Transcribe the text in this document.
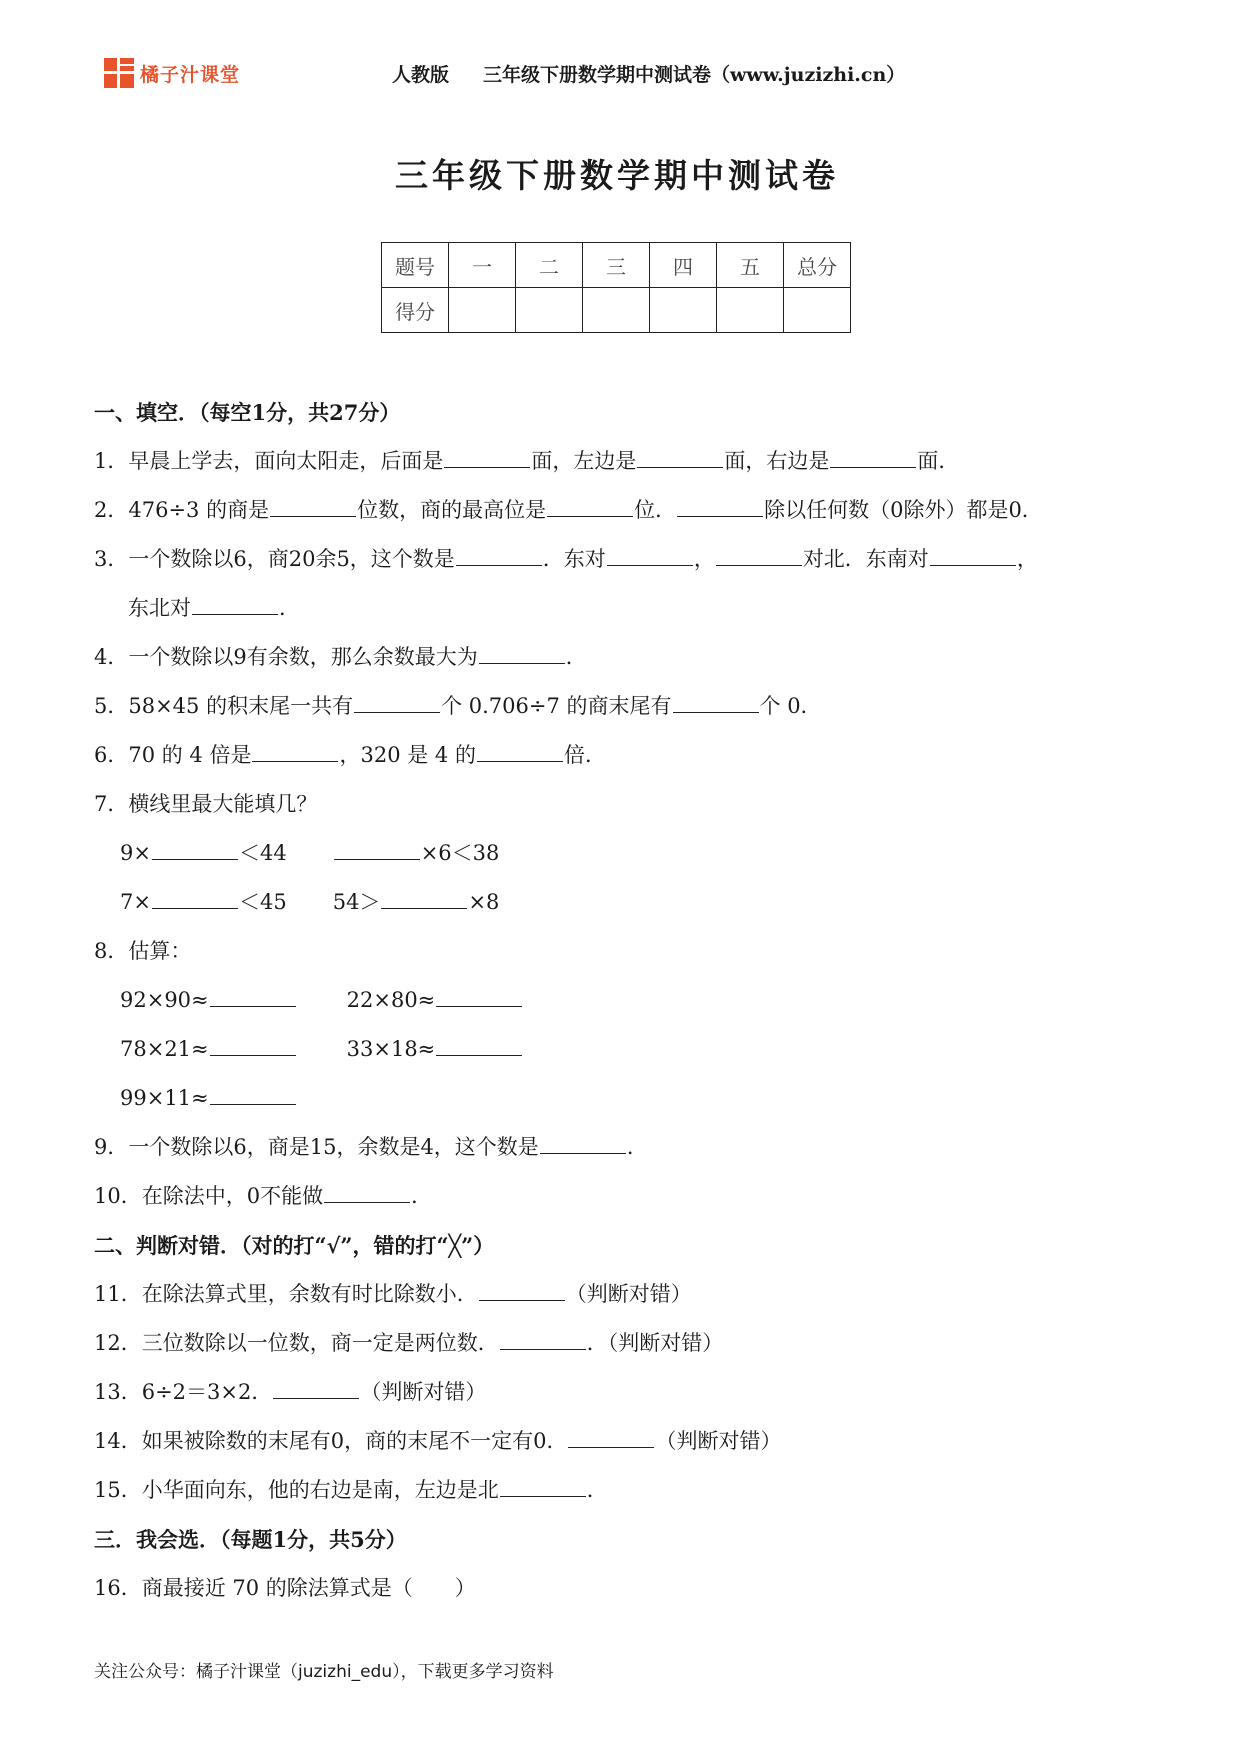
橘子汁课堂	人教版 三年级下册数学期中测试卷（www.juzizhi.cn）
三年级下册数学期中测试卷
题号	一	二	三	四	五	总分
得分						
一、填空．（每空1分，共27分）
1．早晨上学去，面向太阳走，后面是	面，左边是	面，右边是	面．
2．476÷3 的商是	位数，商的最高位是	位．	除以任何数（0除外）都是0．
3．一个数除以6，商20余5，这个数是	．东对	，	对北．东南对	，
东北对	．
4．一个数除以9有余数，那么余数最大为	．
5．58×45 的积末尾一共有	个 0.706÷7 的商末尾有	个 0．
6．70 的 4 倍是	，320 是 4 的	倍．
7．横线里最大能填几？
9×	＜44	×6＜38
7×	＜45 54＞	×8
8．估算：
92×90≈	22×80≈
78×21≈	33×18≈
99×11≈
9．一个数除以6，商是15，余数是4，这个数是	．
10．在除法中，0不能做	．
二、判断对错．（对的打“√”，错的打“╳”）
11．在除法算式里，余数有时比除数小．	（判断对错）
12．三位数除以一位数，商一定是两位数．	．（判断对错）
13．6÷2＝3×2．	（判断对错）
14．如果被除数的末尾有0，商的末尾不一定有0．	（判断对错）
15．小华面向东，他的右边是南，左边是北	．
三．我会选．（每题1分，共5分）
16．商最接近 70 的除法算式是（　　）
关注公众号：橘子汁课堂（juzizhi_edu），下载更多学习资料
